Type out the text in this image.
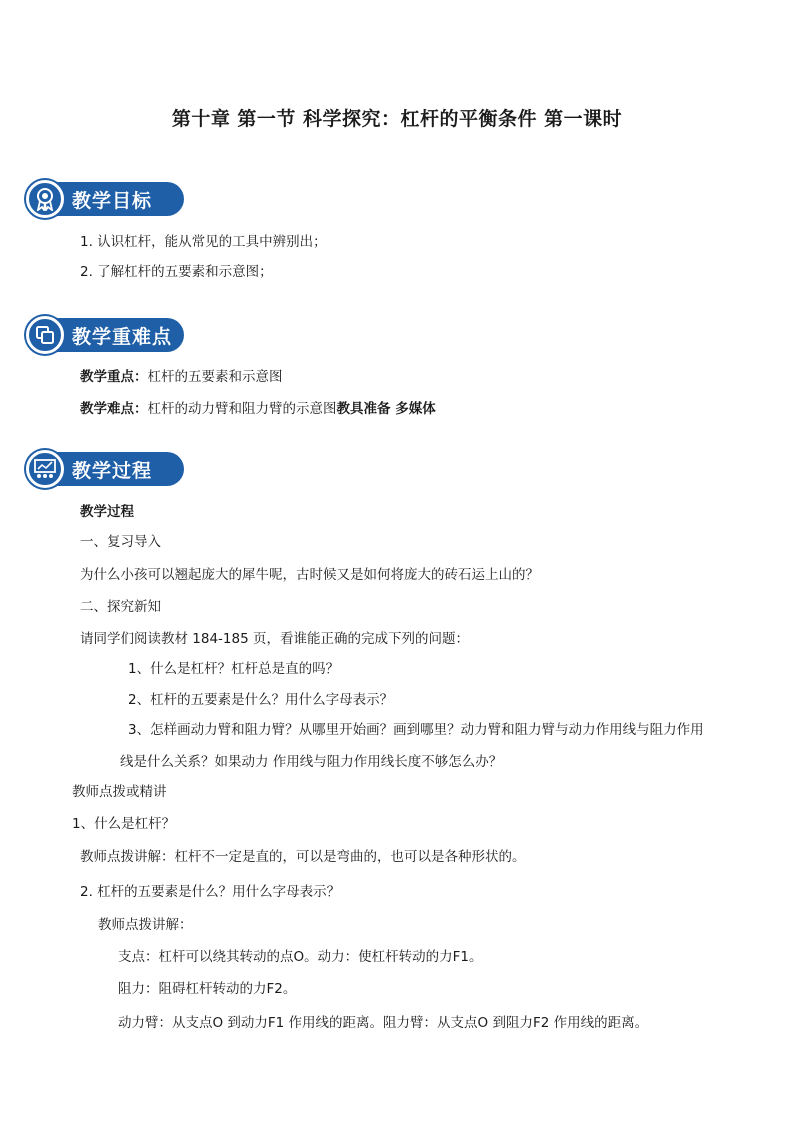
第十章 第一节 科学探究：杠杆的平衡条件 第一课时
教学目标
1. 认识杠杆，能从常见的工具中辨别出；
2. 了解杠杆的五要素和示意图；
教学重难点
教学重点：杠杆的五要素和示意图
教学难点：杠杆的动力臂和阻力臂的示意图教具准备 多媒体
教学过程
教学过程
一、复习导入
为什么小孩可以翘起庞大的犀牛呢，古时候又是如何将庞大的砖石运上山的？
二、探究新知
请同学们阅读教材 184-185 页，看谁能正确的完成下列的问题：
1、什么是杠杆？杠杆总是直的吗？
2、杠杆的五要素是什么？用什么字母表示？
3、怎样画动力臂和阻力臂？从哪里开始画？画到哪里？动力臂和阻力臂与动力作用线与阻力作用
线是什么关系？如果动力 作用线与阻力作用线长度不够怎么办？
教师点拨或精讲
1、什么是杠杆？
教师点拨讲解：杠杆不一定是直的，可以是弯曲的，也可以是各种形状的。
2. 杠杆的五要素是什么？用什么字母表示？
教师点拨讲解：
支点：杠杆可以绕其转动的点O。动力：使杠杆转动的力F1。
阻力：阻碍杠杆转动的力F2。
动力臂：从支点O 到动力F1 作用线的距离。阻力臂：从支点O 到阻力F2 作用线的距离。
